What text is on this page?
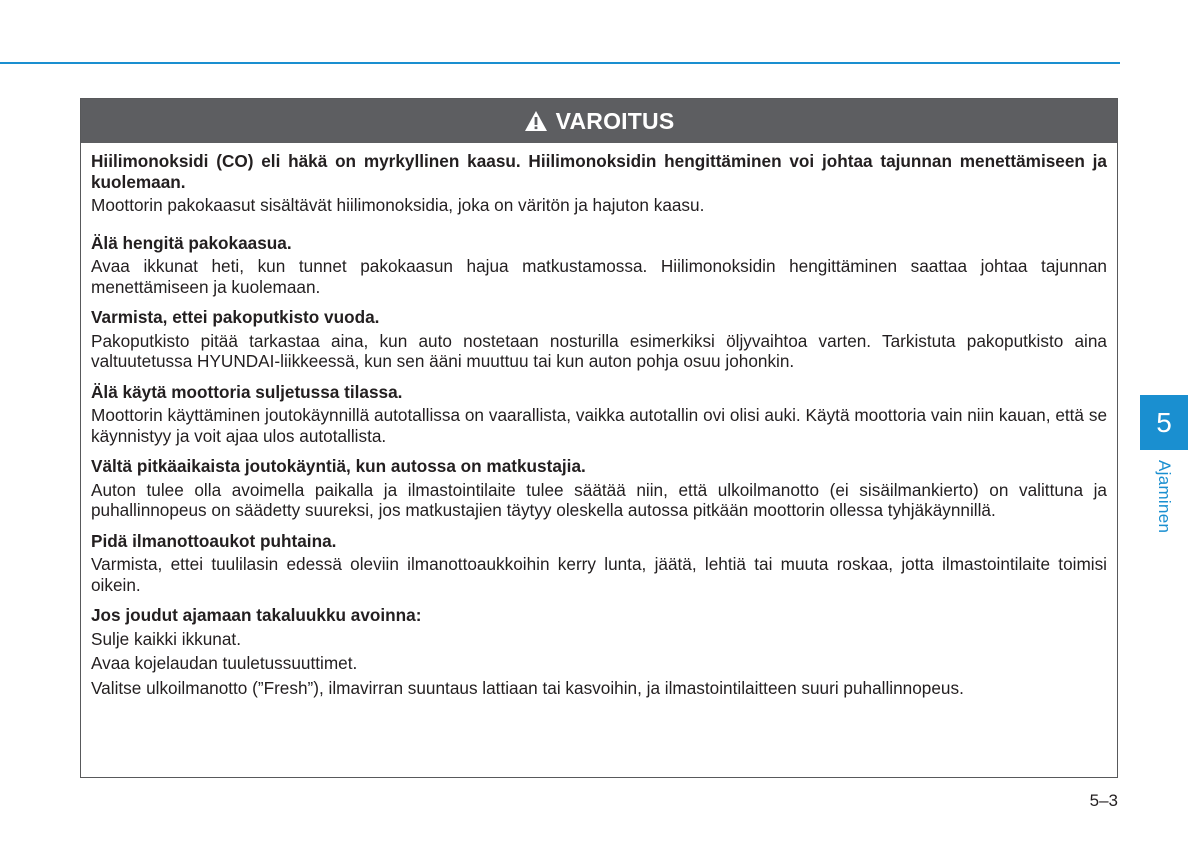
VAROITUS
Hiilimonoksidi (CO) eli häkä on myrkyllinen kaasu. Hiilimonoksidin hengittäminen voi johtaa tajunnan menettämiseen ja kuolemaan.
Moottorin pakokaasut sisältävät hiilimonoksidia, joka on väritön ja hajuton kaasu.
Älä hengitä pakokaasua.
Avaa ikkunat heti, kun tunnet pakokaasun hajua matkustamossa. Hiilimonoksidin hengittäminen saattaa johtaa tajunnan menettämiseen ja kuolemaan.
Varmista, ettei pakoputkisto vuoda.
Pakoputkisto pitää tarkastaa aina, kun auto nostetaan nosturilla esimerkiksi öljyvaihtoa varten. Tarkistuta pakoputkisto aina valtuutetussa HYUNDAI-liikkeessä, kun sen ääni muuttuu tai kun auton pohja osuu johonkin.
Älä käytä moottoria suljetussa tilassa.
Moottorin käyttäminen joutokäynnillä autotallissa on vaarallista, vaikka autotallin ovi olisi auki. Käytä moottoria vain niin kauan, että se käynnistyy ja voit ajaa ulos autotallista.
Vältä pitkäaikaista joutokäyntiä, kun autossa on matkustajia.
Auton tulee olla avoimella paikalla ja ilmastointilaite tulee säätää niin, että ulkoilmanotto (ei sisäilmankierto) on valittuna ja puhallinnopeus on säädetty suureksi, jos matkustajien täytyy oleskella autossa pitkään moottorin ollessa tyhjäkäynnillä.
Pidä ilmanottoaukot puhtaina.
Varmista, ettei tuulilasin edessä oleviin ilmanottoaukkoihin kerry lunta, jäätä, lehtiä tai muuta roskaa, jotta ilmastointilaite toimisi oikein.
Jos joudut ajamaan takaluukku avoinna:
Sulje kaikki ikkunat.
Avaa kojelaudan tuuletussuuttimet.
Valitse ulkoilmanotto (”Fresh”), ilmavirran suuntaus lattiaan tai kasvoihin, ja ilmastointilaitteen suuri puhallinnopeus.
5
Ajaminen
5–3
